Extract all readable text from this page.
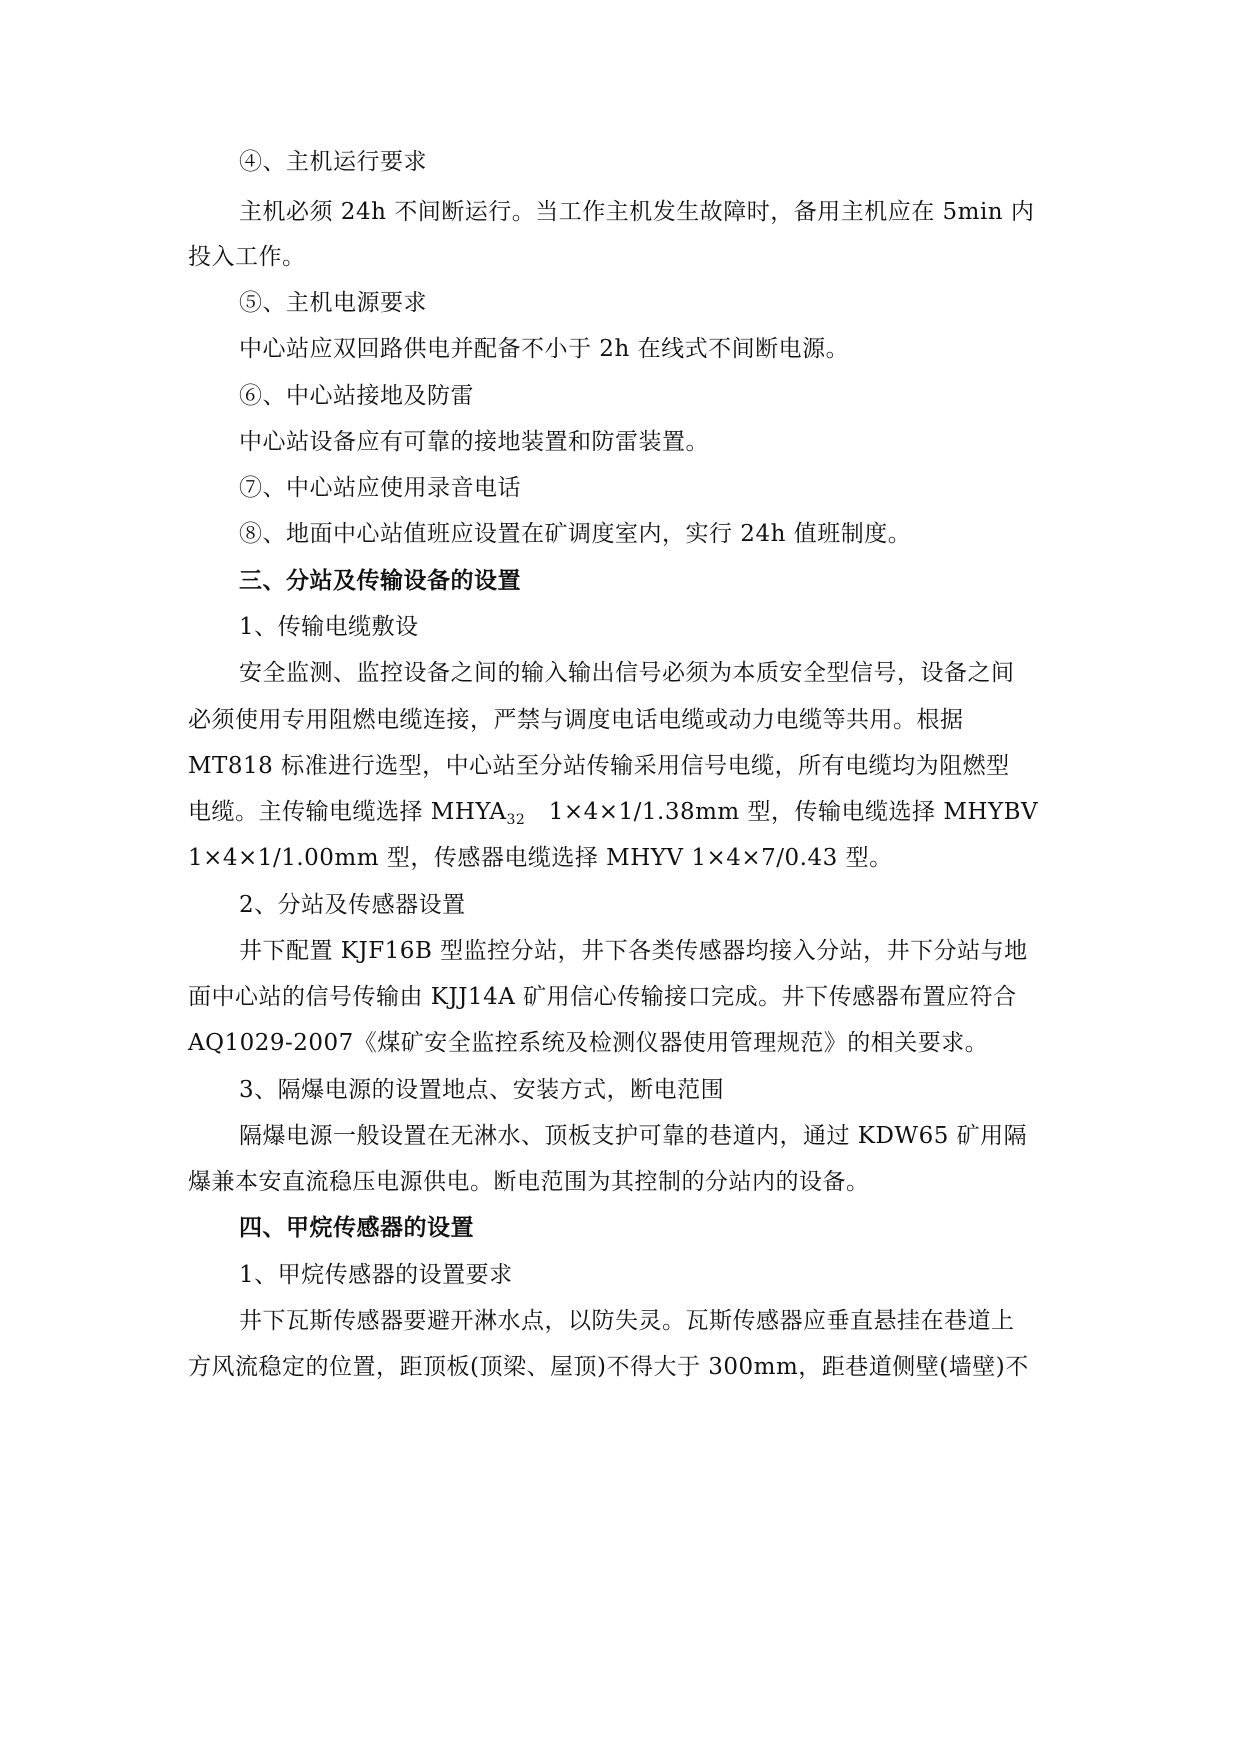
④、主机运行要求
主机必须 24h 不间断运行。当工作主机发生故障时，备用主机应在 5min 内
投入工作。
⑤、主机电源要求
中心站应双回路供电并配备不小于 2h 在线式不间断电源。
⑥、中心站接地及防雷
中心站设备应有可靠的接地装置和防雷装置。
⑦、中心站应使用录音电话
⑧、地面中心站值班应设置在矿调度室内，实行 24h 值班制度。
三、分站及传输设备的设置
1、传输电缆敷设
安全监测、监控设备之间的输入输出信号必须为本质安全型信号，设备之间
必须使用专用阻燃电缆连接，严禁与调度电话电缆或动力电缆等共用。根据
MT818 标准进行选型，中心站至分站传输采用信号电缆，所有电缆均为阻燃型
电缆。主传输电缆选择 $MHYA_{32}$   1×4×1/1.38mm 型，传输电缆选择 MHYBV
1×4×1/1.00mm 型，传感器电缆选择 MHYV 1×4×7/0.43 型。
2、分站及传感器设置
井下配置 KJF16B 型监控分站，井下各类传感器均接入分站，井下分站与地
面中心站的信号传输由 KJJ14A 矿用信心传输接口完成。井下传感器布置应符合
AQ1029-2007《煤矿安全监控系统及检测仪器使用管理规范》的相关要求。
3、隔爆电源的设置地点、安装方式，断电范围
隔爆电源一般设置在无淋水、顶板支护可靠的巷道内，通过 KDW65 矿用隔
爆兼本安直流稳压电源供电。断电范围为其控制的分站内的设备。
四、甲烷传感器的设置
1、甲烷传感器的设置要求
井下瓦斯传感器要避开淋水点，以防失灵。瓦斯传感器应垂直悬挂在巷道上
方风流稳定的位置，距顶板(顶梁、屋顶)不得大于 300mm，距巷道侧壁(墙壁)不
